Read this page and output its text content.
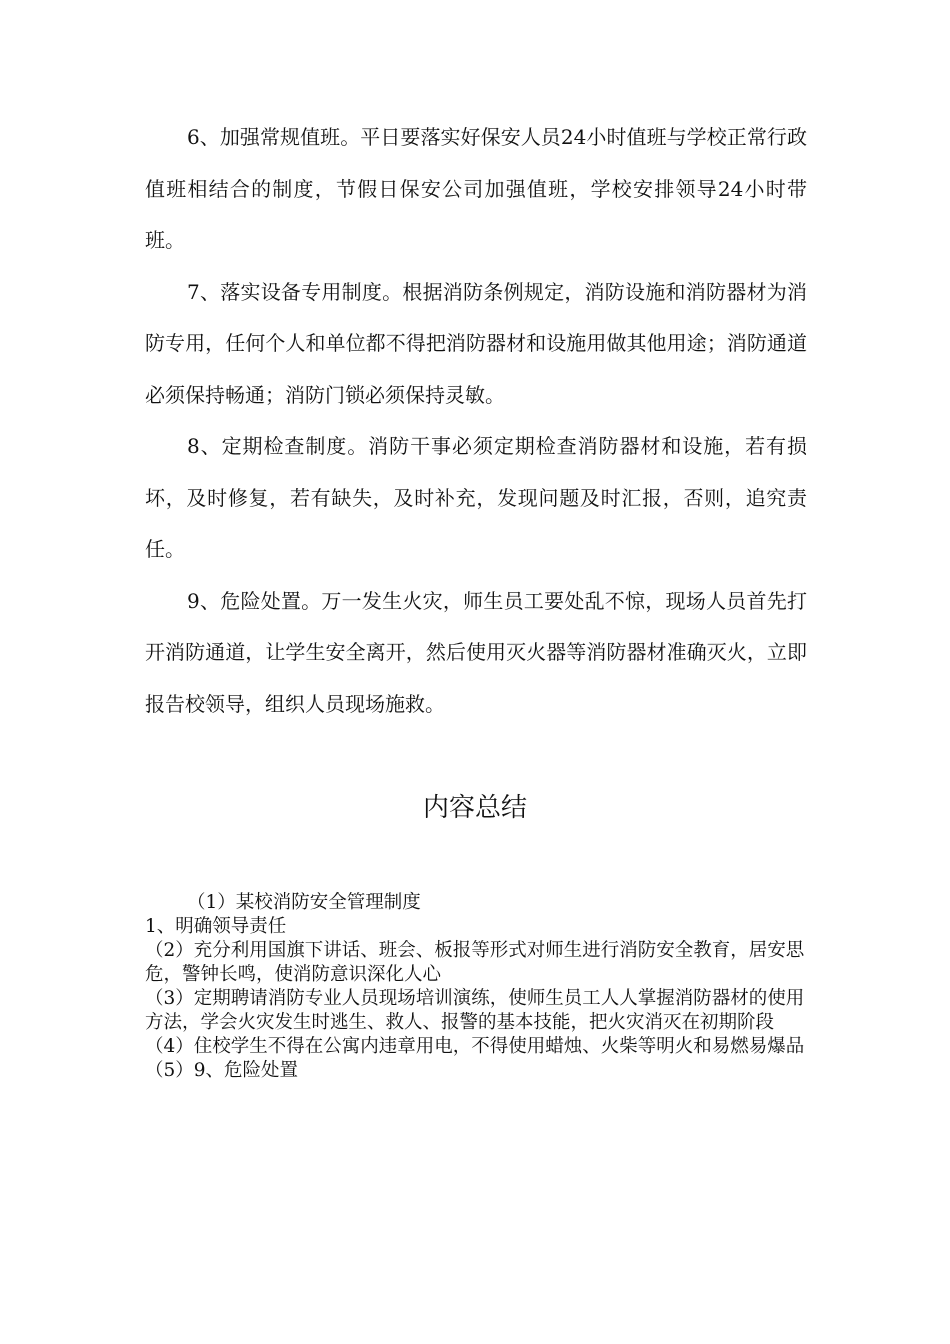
6、加强常规值班。平日要落实好保安人员24小时值班与学校正常行政值班相结合的制度，节假日保安公司加强值班，学校安排领导24小时带班。

7、落实设备专用制度。根据消防条例规定，消防设施和消防器材为消防专用，任何个人和单位都不得把消防器材和设施用做其他用途；消防通道必须保持畅通；消防门锁必须保持灵敏。

8、定期检查制度。消防干事必须定期检查消防器材和设施，若有损坏，及时修复，若有缺失，及时补充，发现问题及时汇报，否则，追究责任。

9、危险处置。万一发生火灾，师生员工要处乱不惊，现场人员首先打开消防通道，让学生安全离开，然后使用灭火器等消防器材准确灭火，立即报告校领导，组织人员现场施救。

内容总结

（1）某校消防安全管理制度

1、明确领导责任

（2）充分利用国旗下讲话、班会、板报等形式对师生进行消防安全教育，居安思危，警钟长鸣，使消防意识深化人心

（3）定期聘请消防专业人员现场培训演练，使师生员工人人掌握消防器材的使用方法，学会火灾发生时逃生、救人、报警的基本技能，把火灾消灭在初期阶段

（4）住校学生不得在公寓内违章用电，不得使用蜡烛、火柴等明火和易燃易爆品

（5）9、危险处置
